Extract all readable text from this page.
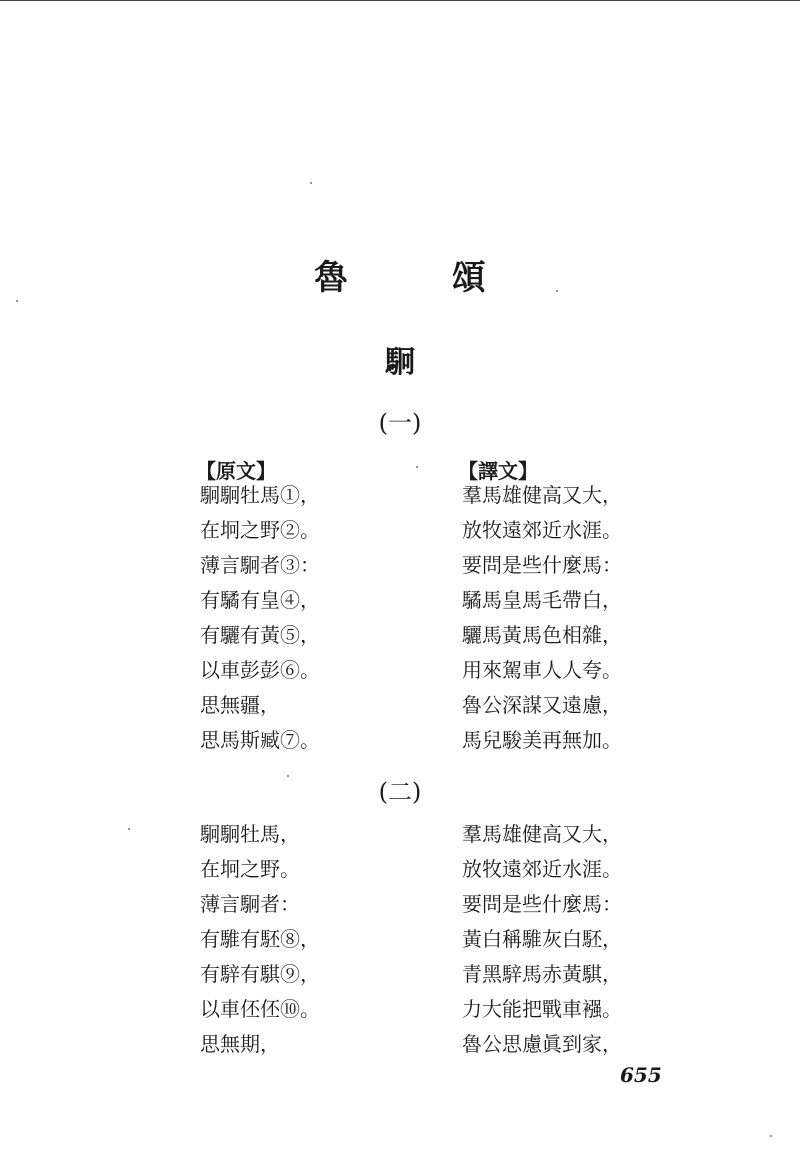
魯 頌
駉
(一)
【原文】	【譯文】
駉駉牡馬①，
在坰之野②。
薄言駉者③：
有驈有皇④，
有驪有黃⑤，
以車彭彭⑥。
思無疆，
思馬斯臧⑦。
羣馬雄健高又大，
放牧遠郊近水涯。
要問是些什麼馬：
驈馬皇馬毛帶白，
驪馬黃馬色相雜，
用來駕車人人夸。
魯公深謀又遠慮，
馬兒駿美再無加。
(二)
駉駉牡馬，
在坰之野。
薄言駉者：
有騅有駓⑧，
有騂有騏⑨，
以車伾伾⑩。
思無期，
羣馬雄健高又大，
放牧遠郊近水涯。
要問是些什麼馬：
黃白稱騅灰白駓，
青黑騂馬赤黃騏，
力大能把戰車襁。
魯公思慮眞到家，
655
